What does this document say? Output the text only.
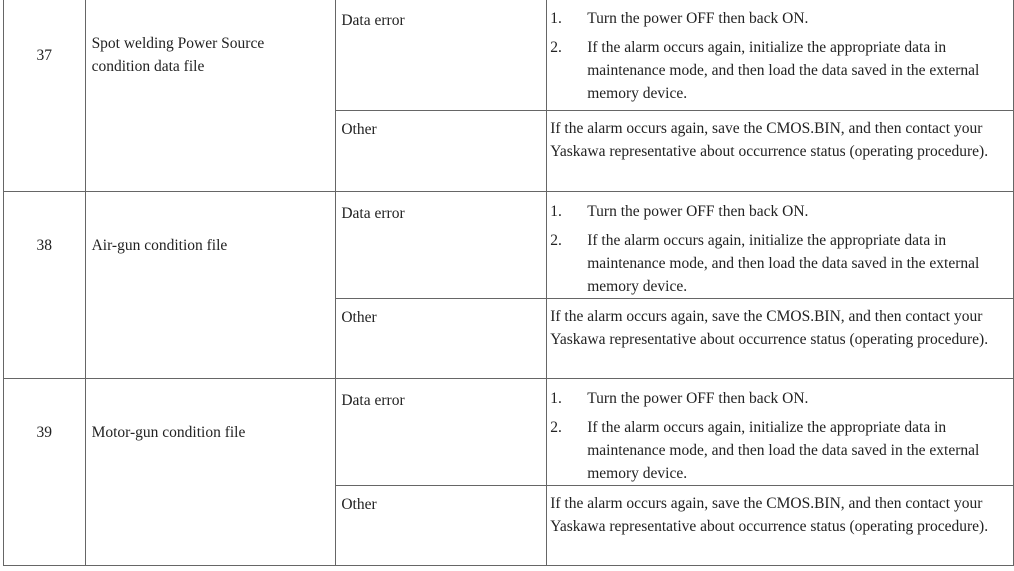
37	Spot welding Power Source condition data file	Data error	1. Turn the power OFF then back ON.
2. If the alarm occurs again, initialize the appropriate data in maintenance mode, and then load the data saved in the external memory device.

		Other	If the alarm occurs again, save the CMOS.BIN, and then contact your Yaskawa representative about occurrence status (operating procedure).

38	Air-gun condition file	Data error	1. Turn the power OFF then back ON.
2. If the alarm occurs again, initialize the appropriate data in maintenance mode, and then load the data saved in the external memory device.

		Other	If the alarm occurs again, save the CMOS.BIN, and then contact your Yaskawa representative about occurrence status (operating procedure).

39	Motor-gun condition file	Data error	1. Turn the power OFF then back ON.
2. If the alarm occurs again, initialize the appropriate data in maintenance mode, and then load the data saved in the external memory device.

		Other	If the alarm occurs again, save the CMOS.BIN, and then contact your Yaskawa representative about occurrence status (operating procedure).
